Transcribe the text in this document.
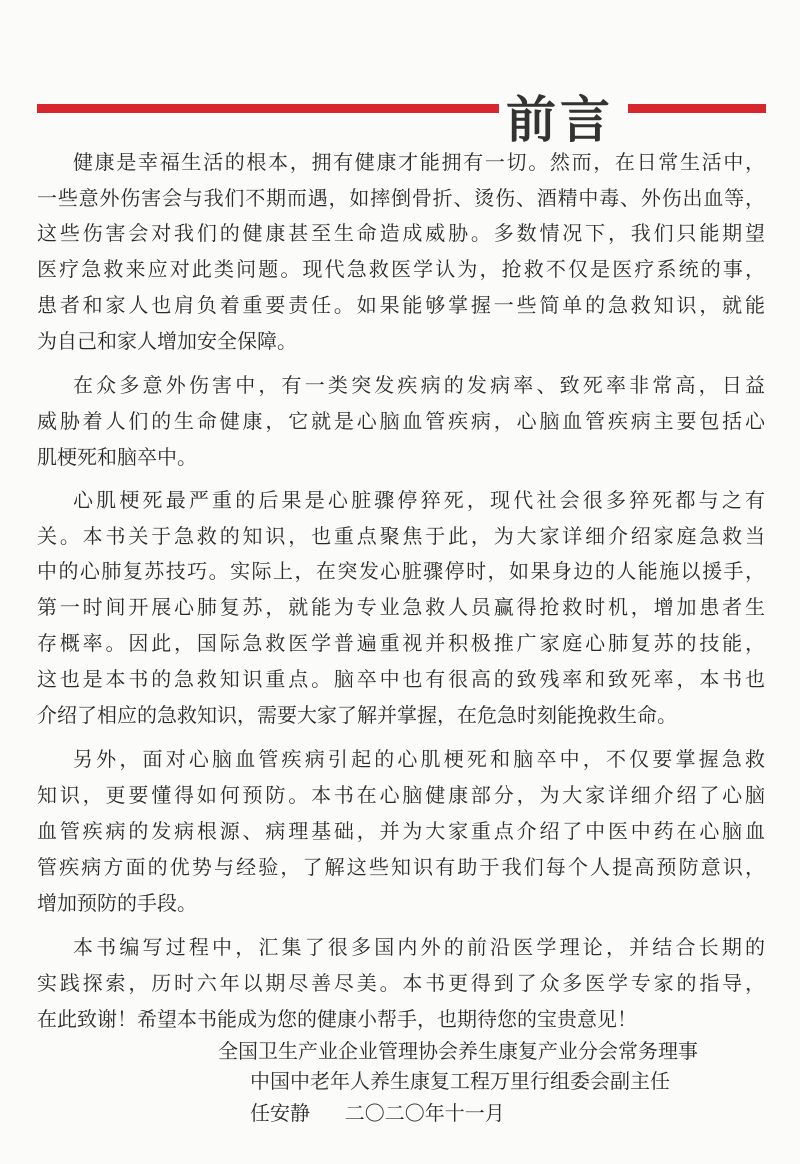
前言
健康是幸福生活的根本，拥有健康才能拥有一切。然而，在日常生活中，
一些意外伤害会与我们不期而遇，如摔倒骨折、烫伤、酒精中毒、外伤出血等，
这些伤害会对我们的健康甚至生命造成威胁。多数情况下，我们只能期望
医疗急救来应对此类问题。现代急救医学认为，抢救不仅是医疗系统的事，
患者和家人也肩负着重要责任。如果能够掌握一些简单的急救知识，就能
为自己和家人增加安全保障。
在众多意外伤害中，有一类突发疾病的发病率、致死率非常高，日益
威胁着人们的生命健康，它就是心脑血管疾病，心脑血管疾病主要包括心
肌梗死和脑卒中。
心肌梗死最严重的后果是心脏骤停猝死，现代社会很多猝死都与之有
关。本书关于急救的知识，也重点聚焦于此，为大家详细介绍家庭急救当
中的心肺复苏技巧。实际上，在突发心脏骤停时，如果身边的人能施以援手，
第一时间开展心肺复苏，就能为专业急救人员赢得抢救时机，增加患者生
存概率。因此，国际急救医学普遍重视并积极推广家庭心肺复苏的技能，
这也是本书的急救知识重点。脑卒中也有很高的致残率和致死率，本书也
介绍了相应的急救知识，需要大家了解并掌握，在危急时刻能挽救生命。
另外，面对心脑血管疾病引起的心肌梗死和脑卒中，不仅要掌握急救
知识，更要懂得如何预防。本书在心脑健康部分，为大家详细介绍了心脑
血管疾病的发病根源、病理基础，并为大家重点介绍了中医中药在心脑血
管疾病方面的优势与经验，了解这些知识有助于我们每个人提高预防意识，
增加预防的手段。
本书编写过程中，汇集了很多国内外的前沿医学理论，并结合长期的
实践探索，历时六年以期尽善尽美。本书更得到了众多医学专家的指导，
在此致谢！希望本书能成为您的健康小帮手，也期待您的宝贵意见！
全国卫生产业企业管理协会养生康复产业分会常务理事
中国中老年人养生康复工程万里行组委会副主任
任安静 二〇二〇年十一月
